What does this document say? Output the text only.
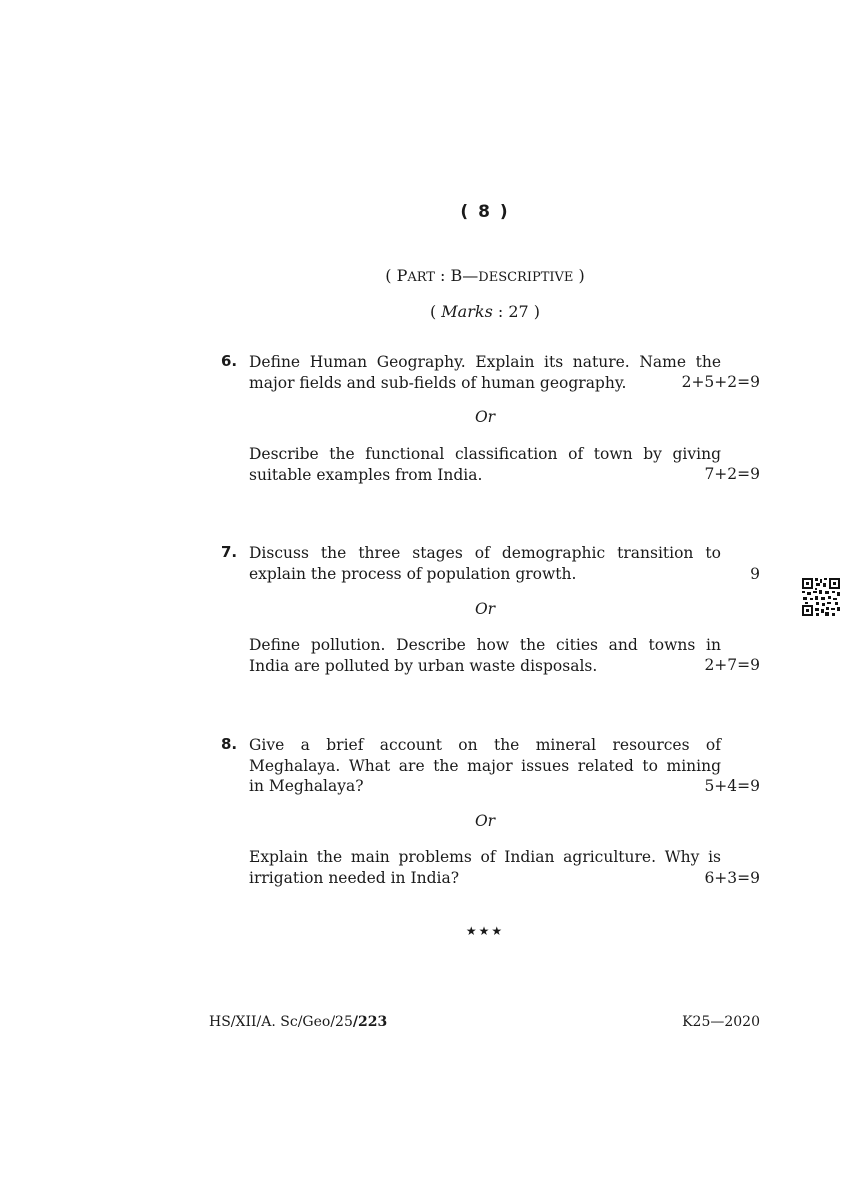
( 8 )
( PART : B—DESCRIPTIVE )
( Marks : 27 )
6. Define Human Geography. Explain its nature. Name the
major fields and sub-fields of human geography.	2+5+2=9
Or
Describe the functional classification of town by giving
suitable examples from India.	7+2=9
7. Discuss the three stages of demographic transition to
explain the process of population growth.	9
Or
Define pollution. Describe how the cities and towns in
India are polluted by urban waste disposals.	2+7=9
8. Give a brief account on the mineral resources of
Meghalaya. What are the major issues related to mining
in Meghalaya?	5+4=9
Or
Explain the main problems of Indian agriculture. Why is
irrigation needed in India?	6+3=9
★★★
HS/XII/A. Sc/Geo/25/223	K25—2020
